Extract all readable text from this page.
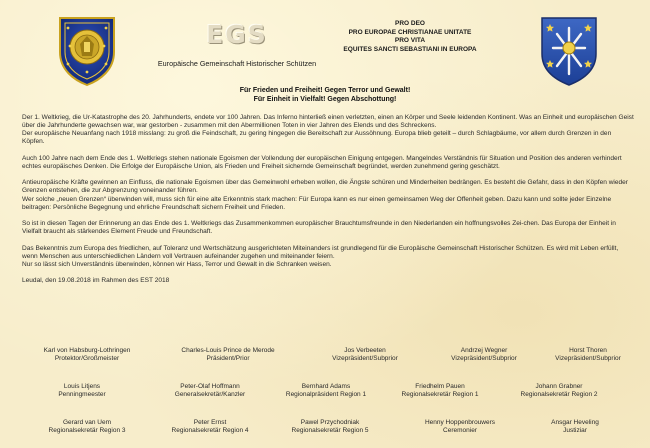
EGS
Europäische Gemeinschaft Historischer Schützen
PRO DEO
PRO EUROPAE CHRISTIANAE UNITATE
PRO VITA
EQUITES SANCTI SEBASTIANI IN EUROPA
Für Frieden und Freiheit! Gegen Terror und Gewalt!
Für Einheit in Vielfalt! Gegen Abschottung!

Der 1. Weltkrieg, die Ur-Katastrophe des 20. Jahrhunderts, endete vor 100 Jahren. Das Inferno hinterließ einen verletzten, einen an Körper und Seele leidenden Kontinent. Was an Einheit und europäischen Geist über die Jahrhunderte gewachsen war, war gestorben - zusammen mit den Abermillionen Toten in vier Jahren des Elends und des Schreckens.
Der europäische Neuanfang nach 1918 misslang: zu groß die Feindschaft, zu gering hingegen die Bereitschaft zur Aussöhnung. Europa blieb geteilt – durch Schlagbäume, vor allem durch Grenzen in den Köpfen.

Auch 100 Jahre nach dem Ende des 1. Weltkriegs stehen nationale Egoismen der Vollendung der europäischen Einigung entgegen. Mangelndes Verständnis für Situation und Position des anderen verhindert echtes europäisches Denken. Die Erfolge der Europäische Union, als Frieden und Freiheit sichernde Gemeinschaft begründet, werden zunehmend gering geschätzt.

Antieuropäische Kräfte gewinnen an Einfluss, die nationale Egoismen über das Gemeinwohl erheben wollen, die Ängste schüren und Minderheiten bedrängen. Es besteht die Gefahr, dass in den Köpfen wieder Grenzen entstehen, die zur Abgrenzung voneinander führen.
Wer solche „neuen Grenzen“ überwinden will, muss sich für eine alte Erkenntnis stark machen: Für Europa kann es nur einen gemeinsamen Weg der Offenheit geben. Dazu kann und sollte jeder Einzelne beitragen: Persönliche Begegnung und ehrliche Freundschaft sichern Freiheit und Frieden.

So ist in diesen Tagen der Erinnerung an das Ende des 1. Weltkriegs das Zusammenkommen europäischer Brauchtumsfreunde in den Niederlanden ein hoffnungsvolles Zei-chen. Das Europa der Einheit in Vielfalt braucht als stärkendes Element Freude und Freundschaft.

Das Bekenntnis zum Europa des friedlichen, auf Toleranz und Wertschätzung ausgerichteten Miteinanders ist grundlegend für die Europäische Gemeinschaft Historischer Schützen. Es wird mit Leben erfüllt, wenn Menschen aus unterschiedlichen Ländern voll Vertrauen aufeinander zugehen und miteinander feiern.
Nur so lässt sich Unverständnis überwinden, können wir Hass, Terror und Gewalt in die Schranken weisen.

Leudal, den 19.08.2018 im Rahmen des EST 2018

Karl von Habsburg-Lothringen
Protektor/Großmeister
Charles-Louis Prince de Merode
Präsident/Prior
Jos Verbeeten
Vizepräsident/Subprior
Andrzej Wegner
Vizepräsident/Subprior
Horst Thoren
Vizepräsident/Subprior
Louis Litjens
Penningmeester
Peter-Olaf Hoffmann
Generalsekretär/Kanzler
Bernhard Adams
Regionalpräsident Region 1
Friedhelm Pauen
Regionalsekretär Region 1
Johann Grabner
Regionalsekretär Region 2
Gerard van Uem
Regionalsekretär Region 3
Peter Ernst
Regionalsekretär Region 4
Pawel Przychodniak
Regionalsekretär Region 5
Henny Hoppenbrouwers
Ceremonier
Ansgar Heveling
Justiziar
